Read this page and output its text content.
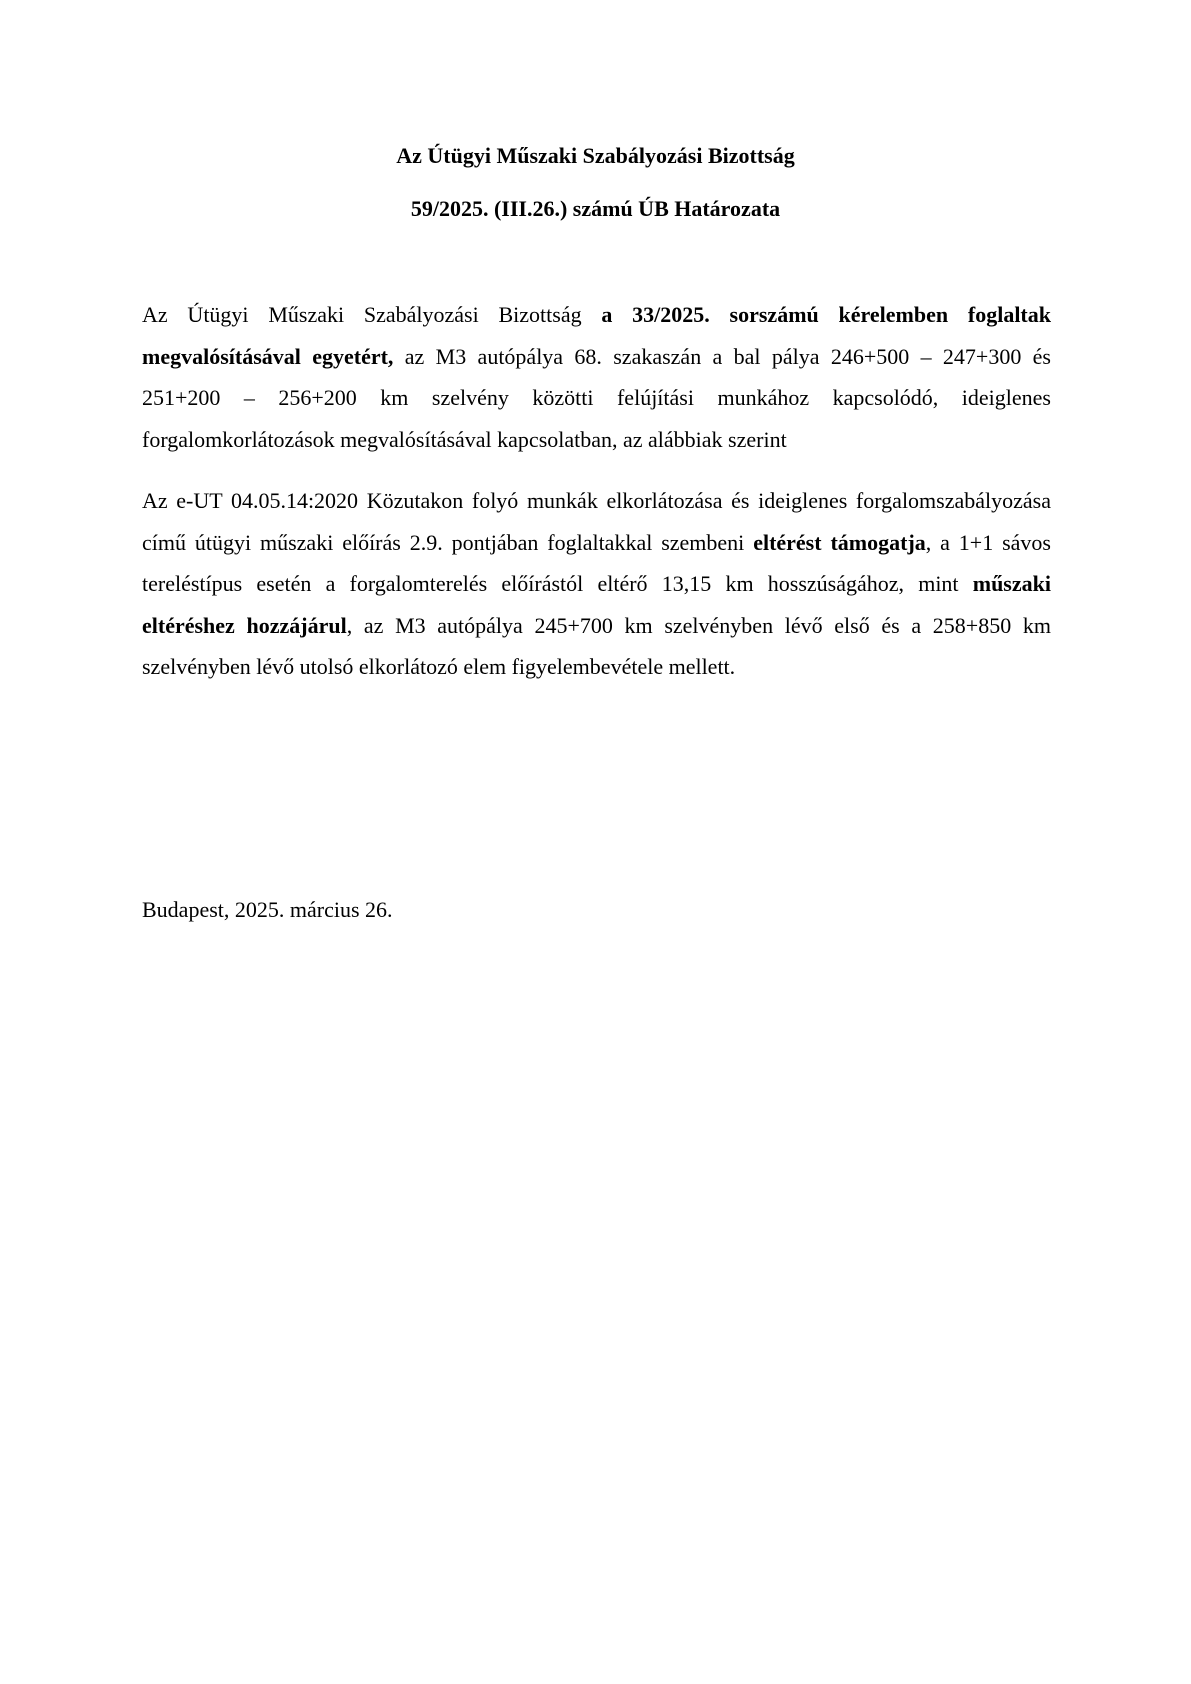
Az Útügyi Műszaki Szabályozási Bizottság
59/2025. (III.26.) számú ÚB Határozata

Az Útügyi Műszaki Szabályozási Bizottság a 33/2025. sorszámú kérelemben foglaltak megvalósításával egyetért, az M3 autópálya 68. szakaszán a bal pálya 246+500 – 247+300 és 251+200 – 256+200 km szelvény közötti felújítási munkához kapcsolódó, ideiglenes forgalomkorlátozások megvalósításával kapcsolatban, az alábbiak szerint

Az e-UT 04.05.14:2020 Közutakon folyó munkák elkorlátozása és ideiglenes forgalomszabályozása című útügyi műszaki előírás 2.9. pontjában foglaltakkal szembeni eltérést támogatja, a 1+1 sávos tereléstípus esetén a forgalomterelés előírástól eltérő 13,15 km hosszúságához, mint műszaki eltéréshez hozzájárul, az M3 autópálya 245+700 km szelvényben lévő első és a 258+850 km szelvényben lévő utolsó elkorlátozó elem figyelembevétele mellett.

Budapest, 2025. március 26.
